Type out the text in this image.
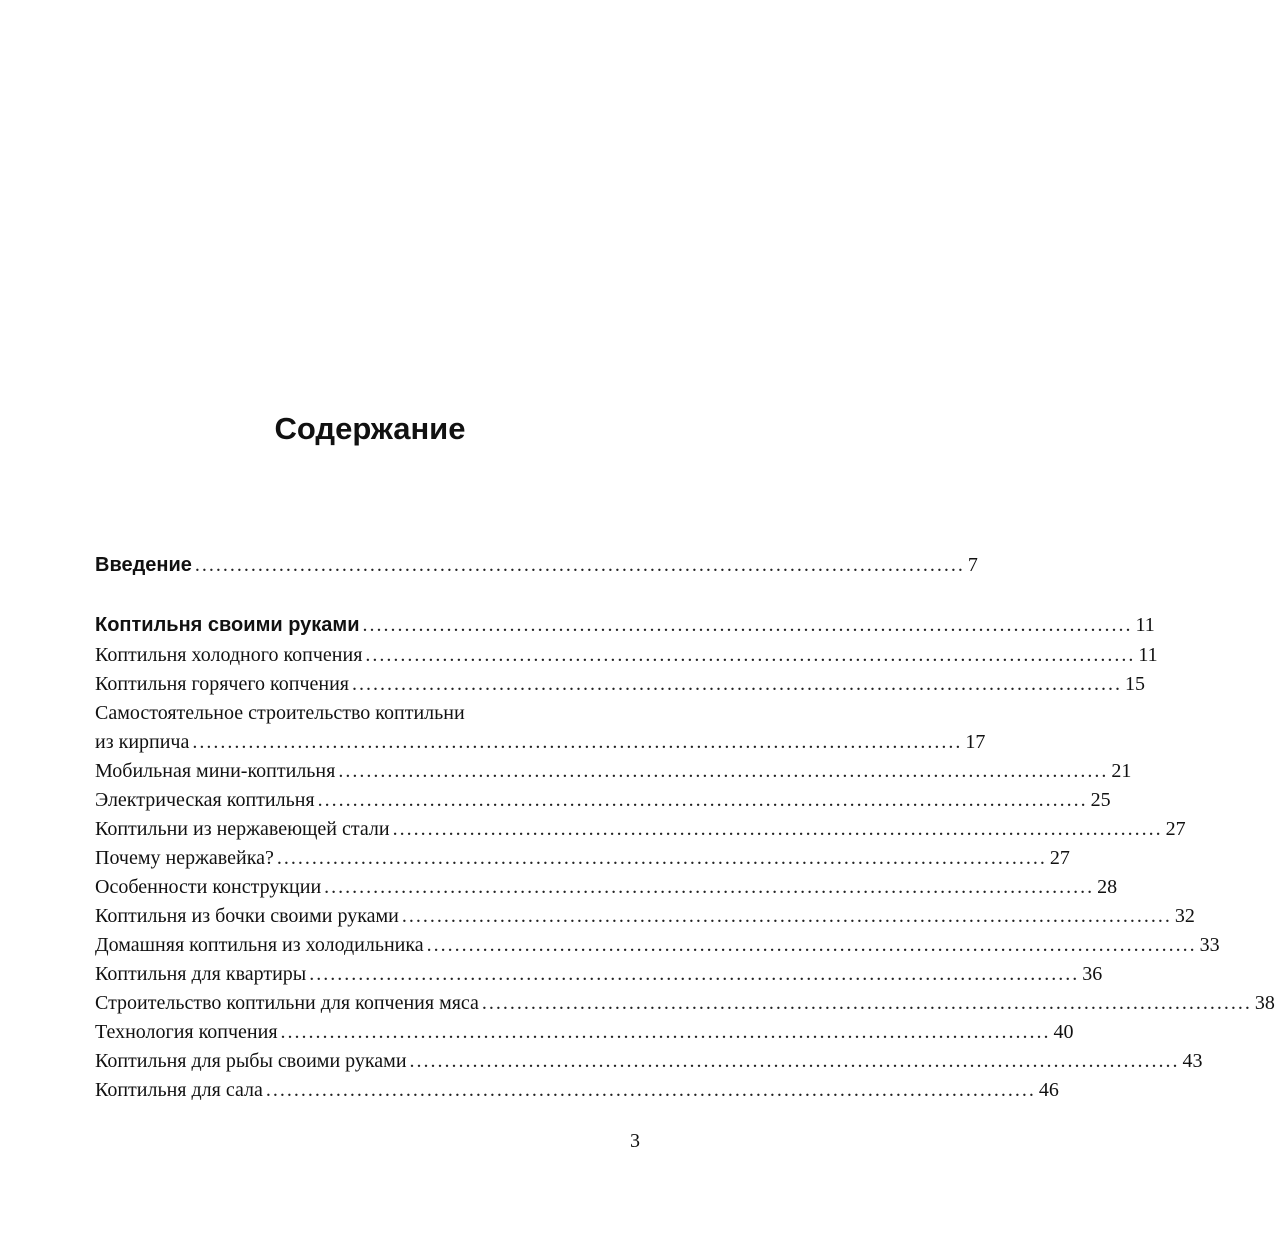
Содержание
Введение .............................................................................................................. 7
Коптильня своими руками .............................................................................................................. 11
Коптильня холодного копчения .............................................................................................................. 11
Коптильня горячего копчения .............................................................................................................. 15
Самостоятельное строительство коптильни
из кирпича .............................................................................................................. 17
Мобильная мини-коптильня .............................................................................................................. 21
Электрическая коптильня .............................................................................................................. 25
Коптильни из нержавеющей стали .............................................................................................................. 27
Почему нержавейка? .............................................................................................................. 27
Особенности конструкции .............................................................................................................. 28
Коптильня из бочки своими руками .............................................................................................................. 32
Домашняя коптильня из холодильника .............................................................................................................. 33
Коптильня для квартиры .............................................................................................................. 36
Строительство коптильни для копчения мяса .............................................................................................................. 38
Технология копчения .............................................................................................................. 40
Коптильня для рыбы своими руками .............................................................................................................. 43
Коптильня для сала .............................................................................................................. 46
3
